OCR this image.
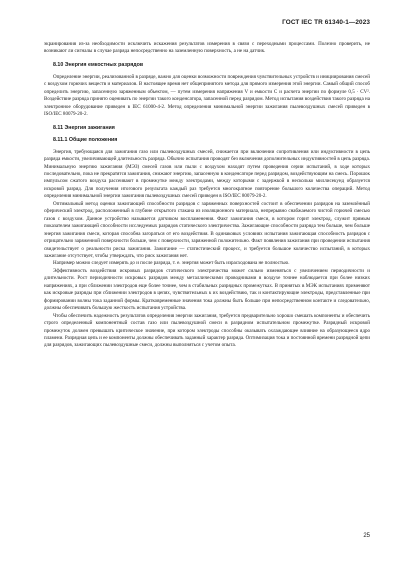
ГОСТ IEC TR 61340-1—2023

экранирования из-за необходимости исключить искажения результатов измерения в связи с переходными процессами. Полезно проверить, не возникают ли сигналы в случае разряда непосредственно на заземленную поверхность, а не на датчик.

8.10 Энергия емкостных разрядов

Определение энергии, реализованной в разряде, важно для оценки возможности повреждения чувствительных устройств и инициирования смесей с воздухом горючих веществ и материалов. В настоящее время нет общепринятого метода для прямого измерения этой энергии. Самый общий способ определить энергию, запасенную заряженным объектом, — путем измерения напряжения V и емкости C и расчета энергии по формуле 0,5 · CV². Воздействие разряда принято оценивать по энергии такого конденсатора, запасенной перед разрядом. Метод испытания воздействия такого разряда на электронное оборудование приведен в IEC 61000-4-2. Метод определения минимальной энергии зажигания пылевоздушных смесей приведен в ISO/IEC 80079-20-2.

8.11 Энергия зажигания
8.11.1 Общие положения

Энергия, требующаяся для зажигания газо или пылевоздушных смесей, снижается при включении сопротивления или индуктивности в цепь разряда емкости, увеличивающей длительность разряда. Обычно испытания проводят без включения дополнительных индуктивностей в цепь разряда. Минимальную энергию зажигания (МЭЗ) смесей газов или пыли с воздухом находят путем проведения серии испытаний, в ходе которых последовательно, пока не прекратятся зажигания, снижают энергию, запасенную в конденсаторе перед разрядом, воздействующим на смесь. Порошок импульсом сжатого воздуха рассеивают в промежутке между электродами, между которыми с задержкой в несколько миллисекунд образуется искровой разряд. Для получения итогового результата каждый раз требуется многократное повторение большого количества операций. Метод определения минимальной энергии зажигания пылевоздушных смесей приведен в ISO/IEC 80079-20-2.

Оптимальный метод оценки зажигающей способности разрядов с заряженных поверхностей состоит в обеспечении разрядов на заземлённый сферический электрод, расположенный в глубине открытого стакана из изоляционного материала, непрерывно снабжаемого чистой горючей смесью газов с воздухом. Данное устройство называется датчиком воспламенения. Факт зажигания смеси, в котором горит электрод, служит прямым показателем зажигающей способности исследуемых разрядов статического электричества. Зажигающие способности разряда тем больше, чем больше энергия зажигания смеси, которая способна загораться от его воздействия. В одинаковых условиях испытания зажигающая способность разрядов с отрицательно заряженной поверхности больше, чем с поверхности, заряженной положительно. Факт появления зажигания при проведении испытания свидетельствует о реальности риска зажигания. Зажигание — статистический процесс, и требуется большое количество испытаний, в которых зажигание отсутствует, чтобы утверждать, что риск зажигания нет.

Например можно следует измерять до и после разряда, т. е. энергия может быть израсходована не полностью.

Эффективность воздействия искровых разрядов статического электричества может сильно изменяться с увеличением периодичности и длительности. Рост периодичности искровых разрядов между металлическими проводниками в воздухе точнее наблюдается при более низких напряжениях, а при сближении электродов еще более точнее, чем в стабильных разрядных промежутках. В принятых в МЭК испытаниях применяют как искровые разряды при сближении электродов в цепях, чувствительных к их воздействию, так и контактирующие электроды, представленные при формировании волны тока заданной формы. Кратковременные значения тока должны быть больше при непосредственном контакте и следовательно, должны обеспечивать большую жесткость испытания устройства.

Чтобы обеспечить надежность результатов определения энергии зажигания, требуется предварительно хорошо смешать компоненты и обеспечить строго определенный компонентный состав газо или пылевоздушной смеси в разрядном испытательном промежутке. Разрядный искровой промежуток должен превышать критическое значение, при котором электроды способны оказывать охлаждающее влияние на образующееся ядро пламени. Разрядная цепь и ее компоненты должны обеспечивать заданный характер разряда. Оптимизация тока и постоянной времени разрядной цепи для разрядов, зажигающих пылевоздушные смеси, должны выполняться с учетом опыта.

25
